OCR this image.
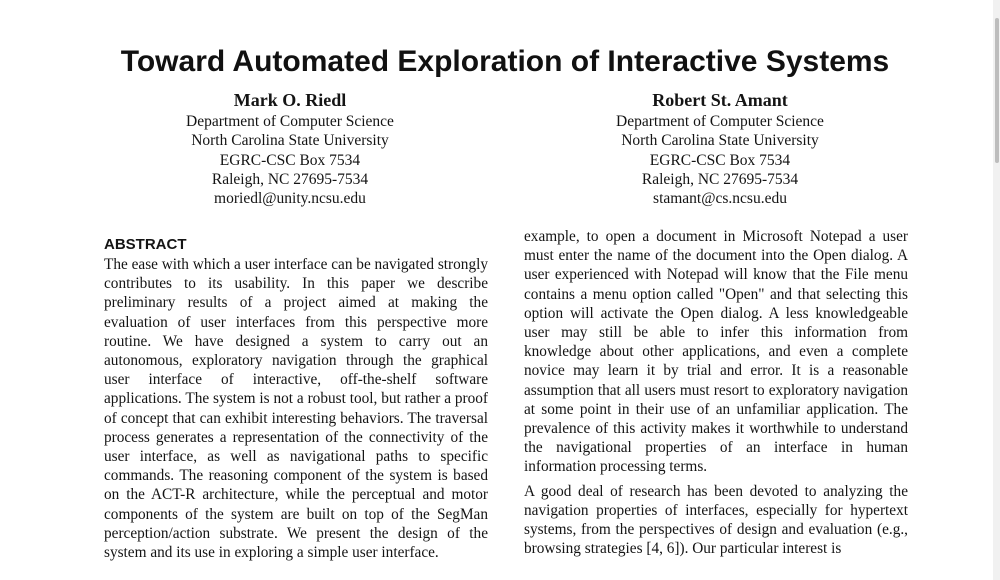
Toward Automated Exploration of Interactive Systems
Mark O. Riedl
Department of Computer Science
North Carolina State University
EGRC-CSC Box 7534
Raleigh, NC 27695-7534
moriedl@unity.ncsu.edu
Robert St. Amant
Department of Computer Science
North Carolina State University
EGRC-CSC Box 7534
Raleigh, NC 27695-7534
stamant@cs.ncsu.edu
ABSTRACT

The ease with which a user interface can be navigated strongly contributes to its usability. In this paper we describe preliminary results of a project aimed at making the evaluation of user interfaces from this perspective more routine. We have designed a system to carry out an autonomous, exploratory navigation through the graphical user interface of interactive, off-the-shelf software applications. The system is not a robust tool, but rather a proof of concept that can exhibit interesting behaviors. The traversal process generates a representation of the connectivity of the user interface, as well as navigational paths to specific commands. The reasoning component of the system is based on the ACT-R architecture, while the perceptual and motor components of the system are built on top of the SegMan perception/action substrate. We present the design of the system and its use in exploring a simple user interface.

example, to open a document in Microsoft Notepad a user must enter the name of the document into the Open dialog. A user experienced with Notepad will know that the File menu contains a menu option called "Open" and that selecting this option will activate the Open dialog. A less knowledgeable user may still be able to infer this information from knowledge about other applications, and even a complete novice may learn it by trial and error. It is a reasonable assumption that all users must resort to exploratory navigation at some point in their use of an unfamiliar application. The prevalence of this activity makes it worthwhile to understand the navigational properties of an interface in human information processing terms.

A good deal of research has been devoted to analyzing the navigation properties of interfaces, especially for hypertext systems, from the perspectives of design and evaluation (e.g., browsing strategies [4, 6]). Our particular interest is
